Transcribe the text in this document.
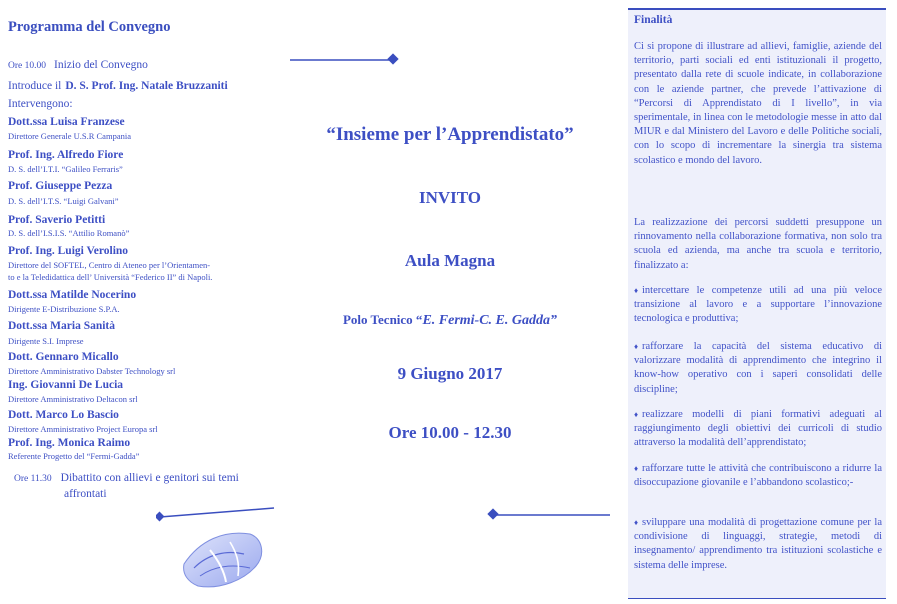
Programma del Convegno
Ore 10.00 Inizio del Convegno
Introduce il D. S. Prof. Ing. Natale Bruzzaniti
Intervengono:
Dott.ssa Luisa Franzese
Direttore Generale U.S.R Campania
Prof. Ing. Alfredo Fiore
D. S. dell’I.T.I. “Galileo Ferraris”
Prof. Giuseppe Pezza
D. S. dell’I.T.S. “Luigi Galvani”
Prof. Saverio Petitti
D. S. dell’I.S.I.S. “Attilio Romanò”
Prof. Ing. Luigi Verolino
Direttore del SOFTEL, Centro di Ateneo per l’Orientamen-
to e la Teledidattica dell’ Università “Federico II” di Napoli.
Dott.ssa Matilde Nocerino
Dirigente E-Distribuzione S.P.A.
Dott.ssa Maria Sanità
Dirigente S.I. Imprese
Dott. Gennaro Micallo
Direttore Amministrativo Dabster Technology srl
Ing. Giovanni De Lucia
Direttore Amministrativo Deltacon srl
Dott. Marco Lo Bascio
Direttore Amministrativo Project Europa srl
Prof. Ing. Monica Raimo
Referente Progetto del “Fermi-Gadda”
Ore 11.30 Dibattito con allievi e genitori sui temi
affrontati
“Insieme per l’Apprendistato”
INVITO
Aula Magna
Polo Tecnico “E. Fermi-C. E. Gadda”
9 Giugno 2017
Ore 10.00 - 12.30
Finalità
Ci si propone di illustrare ad allievi, famiglie, aziende del territorio, parti sociali ed enti istituzionali il progetto, presentato dalla rete di scuole indicate, in collaborazione con le aziende partner, che prevede l’attivazione di “Percorsi di Apprendistato di I livello”, in via sperimentale, in linea con le metodologie messe in atto dal MIUR e dal Ministero del Lavoro e delle Politiche sociali, con lo scopo di incrementare la sinergia tra sistema scolastico e mondo del lavoro.
La realizzazione dei percorsi suddetti presuppone un rinnovamento nella collaborazione formativa, non solo tra scuola ed azienda, ma anche tra scuola e territorio, finalizzato a:
♦ intercettare le competenze utili ad una più veloce transizione al lavoro e a supportare l’innovazione tecnologica e produttiva;
♦ rafforzare la capacità del sistema educativo di valorizzare modalità di apprendimento che integrino il know-how operativo con i saperi consolidati delle discipline;
♦ realizzare modelli di piani formativi adeguati al raggiungimento degli obiettivi dei curricoli di studio attraverso la modalità dell’apprendistato;
♦ rafforzare tutte le attività che contribuiscono a ridurre la disoccupazione giovanile e l’abbandono scolastico;-
♦ sviluppare una modalità di progettazione comune per la condivisione di linguaggi, strategie, metodi di insegnamento/ apprendimento tra istituzioni scolastiche e sistema delle imprese.
